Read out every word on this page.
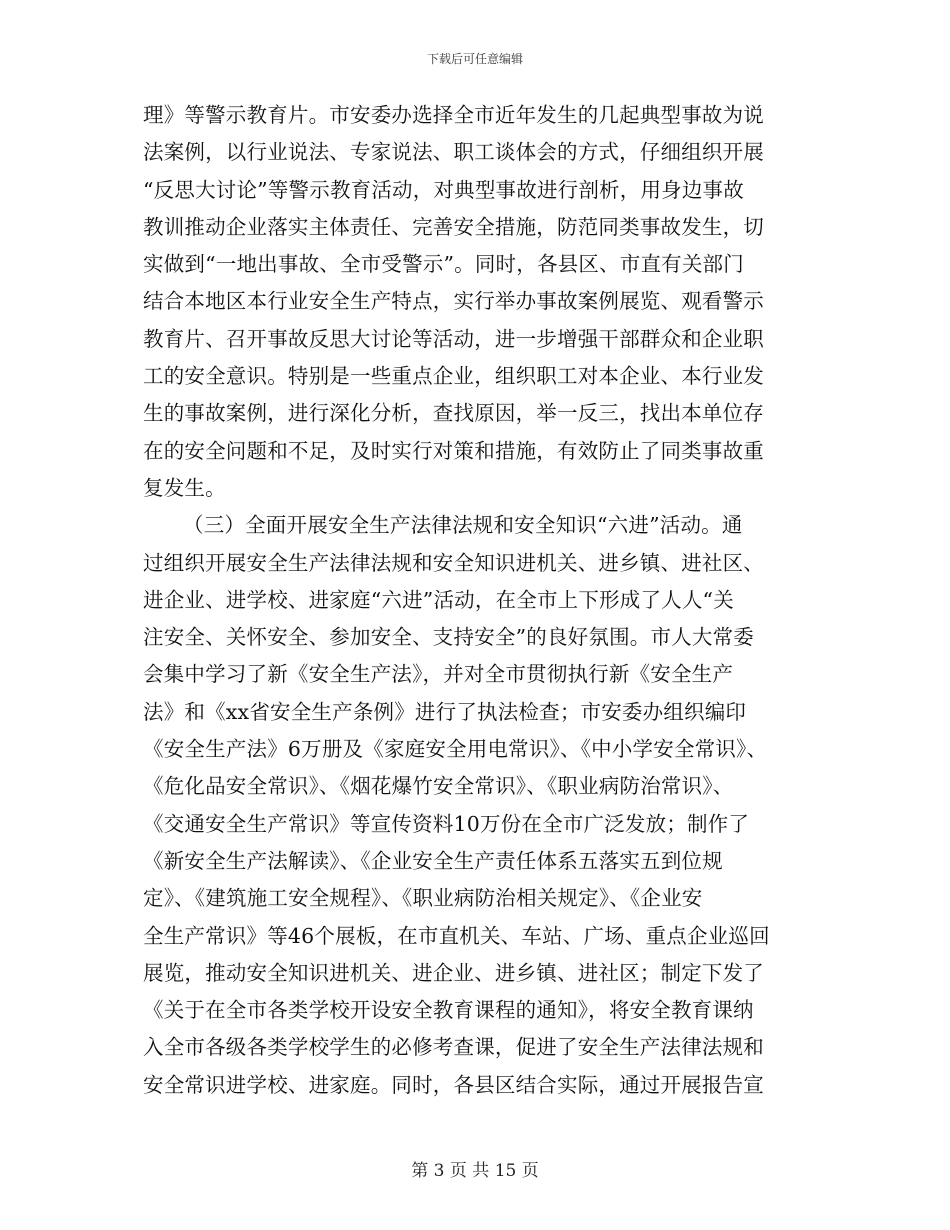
下载后可任意编辑
理》等警示教育片。市安委办选择全市近年发生的几起典型事故为说
法案例，以行业说法、专家说法、职工谈体会的方式，仔细组织开展
“反思大讨论”等警示教育活动，对典型事故进行剖析，用身边事故
教训推动企业落实主体责任、完善安全措施，防范同类事故发生，切
实做到“一地出事故、全市受警示”。同时，各县区、市直有关部门
结合本地区本行业安全生产特点，实行举办事故案例展览、观看警示
教育片、召开事故反思大讨论等活动，进一步增强干部群众和企业职
工的安全意识。特别是一些重点企业，组织职工对本企业、本行业发
生的事故案例，进行深化分析，查找原因，举一反三，找出本单位存
在的安全问题和不足，及时实行对策和措施，有效防止了同类事故重
复发生。
（三）全面开展安全生产法律法规和安全知识“六进”活动。通
过组织开展安全生产法律法规和安全知识进机关、进乡镇、进社区、
进企业、进学校、进家庭“六进”活动，在全市上下形成了人人“关
注安全、关怀安全、参加安全、支持安全”的良好氛围。市人大常委
会集中学习了新《安全生产法》，并对全市贯彻执行新《安全生产
法》和《xx省安全生产条例》进行了执法检查；市安委办组织编印
《安全生产法》6万册及《家庭安全用电常识》、《中小学安全常识》、
《危化品安全常识》、《烟花爆竹安全常识》、《职业病防治常识》、
《交通安全生产常识》等宣传资料10万份在全市广泛发放；制作了
《新安全生产法解读》、《企业安全生产责任体系五落实五到位规
定》、《建筑施工安全规程》、《职业病防治相关规定》、《企业安
全生产常识》等46个展板，在市直机关、车站、广场、重点企业巡回
展览，推动安全知识进机关、进企业、进乡镇、进社区；制定下发了
《关于在全市各类学校开设安全教育课程的通知》，将安全教育课纳
入全市各级各类学校学生的必修考查课，促进了安全生产法律法规和
安全常识进学校、进家庭。同时，各县区结合实际，通过开展报告宣
第 3 页 共 15 页
